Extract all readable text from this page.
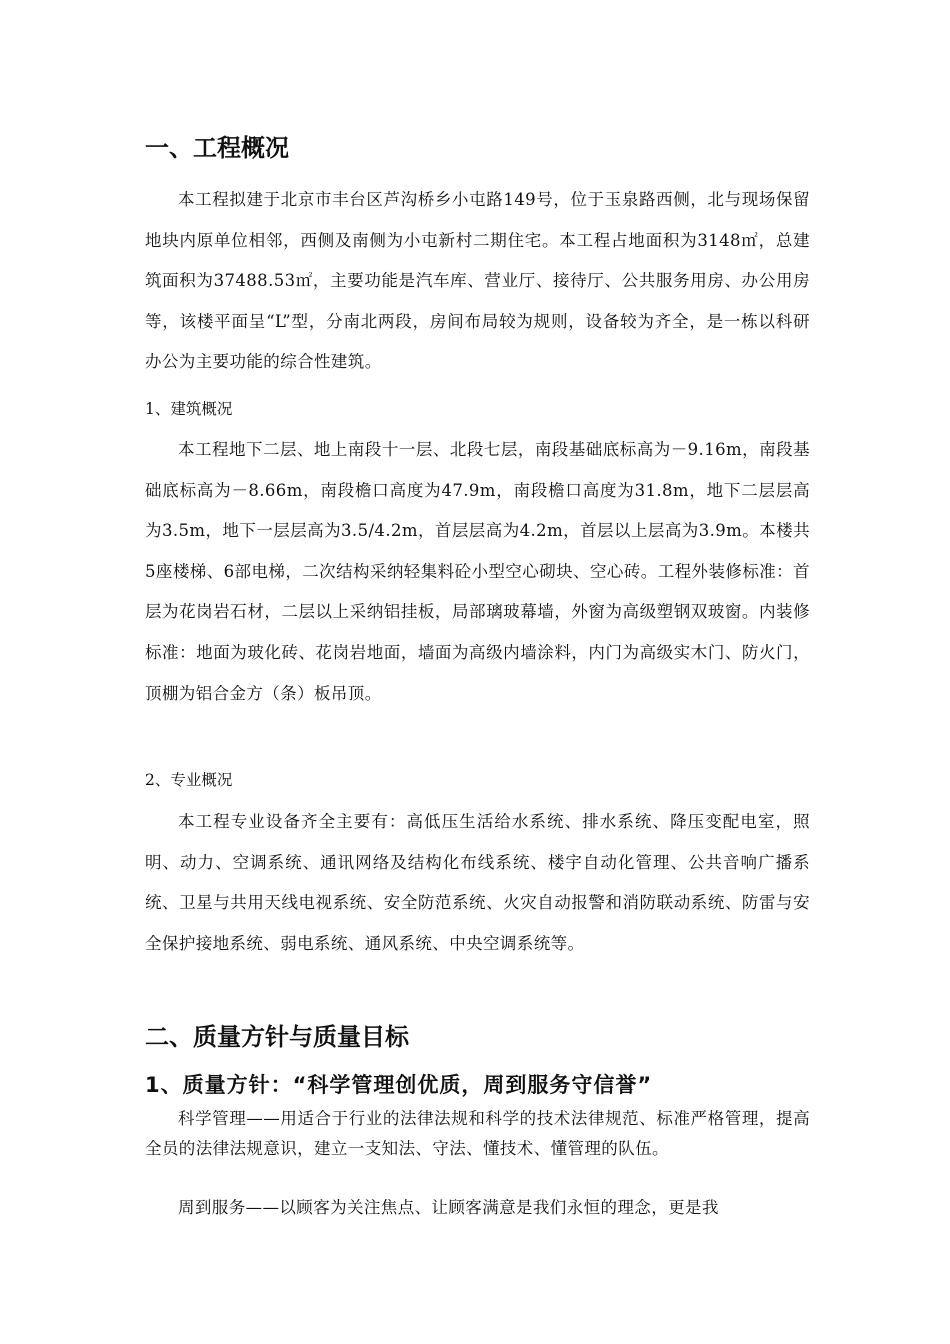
一、工程概况

本工程拟建于北京市丰台区芦沟桥乡小屯路149号，位于玉泉路西侧，北与现场保留地块内原单位相邻，西侧及南侧为小屯新村二期住宅。本工程占地面积为3148㎡，总建筑面积为37488.53㎡，主要功能是汽车库、营业厅、接待厅、公共服务用房、办公用房等，该楼平面呈“L”型，分南北两段，房间布局较为规则，设备较为齐全，是一栋以科研办公为主要功能的综合性建筑。

1、建筑概况

本工程地下二层、地上南段十一层、北段七层，南段基础底标高为－9.16m，南段基础底标高为－8.66m，南段檐口高度为47.9m，南段檐口高度为31.8m，地下二层层高为3.5m，地下一层层高为3.5/4.2m，首层层高为4.2m，首层以上层高为3.9m。本楼共5座楼梯、6部电梯，二次结构采纳轻集料砼小型空心砌块、空心砖。工程外装修标准：首层为花岗岩石材，二层以上采纳铝挂板，局部璃玻幕墙，外窗为高级塑钢双玻窗。内装修标准：地面为玻化砖、花岗岩地面，墙面为高级内墙涂料，内门为高级实木门、防火门，顶棚为铝合金方（条）板吊顶。

2、专业概况

本工程专业设备齐全主要有：高低压生活给水系统、排水系统、降压变配电室，照明、动力、空调系统、通讯网络及结构化布线系统、楼宇自动化管理、公共音响广播系统、卫星与共用天线电视系统、安全防范系统、火灾自动报警和消防联动系统、防雷与安全保护接地系统、弱电系统、通风系统、中央空调系统等。

二、质量方针与质量目标
1、质量方针：“科学管理创优质，周到服务守信誉”

科学管理——用适合于行业的法律法规和科学的技术法律规范、标准严格管理，提高全员的法律法规意识，建立一支知法、守法、懂技术、懂管理的队伍。

周到服务——以顾客为关注焦点、让顾客满意是我们永恒的理念，更是我
